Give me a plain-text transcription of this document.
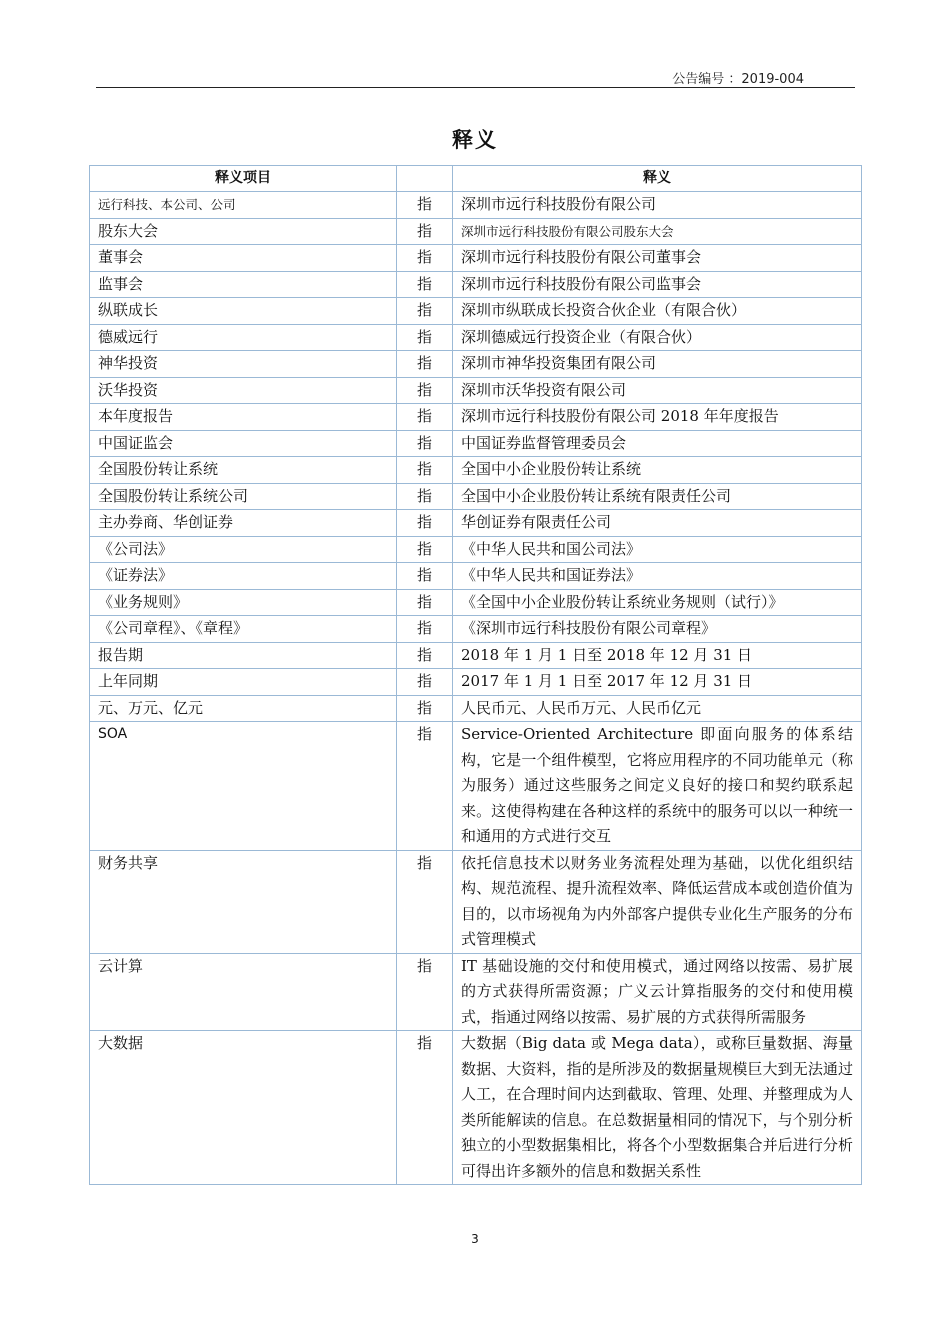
公告编号 ：2019-004
释义
释义项目		释义
远行科技、本公司、公司	指	深圳市远行科技股份有限公司
股东大会	指	深圳市远行科技股份有限公司股东大会
董事会	指	深圳市远行科技股份有限公司董事会
监事会	指	深圳市远行科技股份有限公司监事会
纵联成长	指	深圳市纵联成长投资合伙企业（有限合伙）
德威远行	指	深圳德威远行投资企业（有限合伙）
神华投资	指	深圳市神华投资集团有限公司
沃华投资	指	深圳市沃华投资有限公司
本年度报告	指	深圳市远行科技股份有限公司 2018 年年度报告
中国证监会	指	中国证券监督管理委员会
全国股份转让系统	指	全国中小企业股份转让系统
全国股份转让系统公司	指	全国中小企业股份转让系统有限责任公司
主办券商、华创证券	指	华创证券有限责任公司
《公司法》	指	《中华人民共和国公司法》
《证券法》	指	《中华人民共和国证券法》
《业务规则》	指	《全国中小企业股份转让系统业务规则（试行）》
《公司章程》、《章程》	指	《深圳市远行科技股份有限公司章程》
报告期	指	2018 年 1 月 1 日至 2018 年 12 月 31 日
上年同期	指	2017 年 1 月 1 日至 2017 年 12 月 31 日
元、万元、亿元	指	人民币元、人民币万元、人民币亿元
SOA	指	Service-Oriented Architecture 即面向服务的体系结构，它是一个组件模型，它将应用程序的不同功能单元（称为服务）通过这些服务之间定义良好的接口和契约联系起来。这使得构建在各种这样的系统中的服务可以以一种统一和通用的方式进行交互
财务共享	指	依托信息技术以财务业务流程处理为基础，以优化组织结构、规范流程、提升流程效率、降低运营成本或创造价值为目的，以市场视角为内外部客户提供专业化生产服务的分布式管理模式
云计算	指	IT 基础设施的交付和使用模式，通过网络以按需、易扩展的方式获得所需资源；广义云计算指服务的交付和使用模式，指通过网络以按需、易扩展的方式获得所需服务
大数据	指	大数据（Big data 或 Mega data），或称巨量数据、海量数据、大资料，指的是所涉及的数据量规模巨大到无法通过人工，在合理时间内达到截取、管理、处理、并整理成为人类所能解读的信息。在总数据量相同的情况下，与个别分析独立的小型数据集相比，将各个小型数据集合并后进行分析可得出许多额外的信息和数据关系性
3
